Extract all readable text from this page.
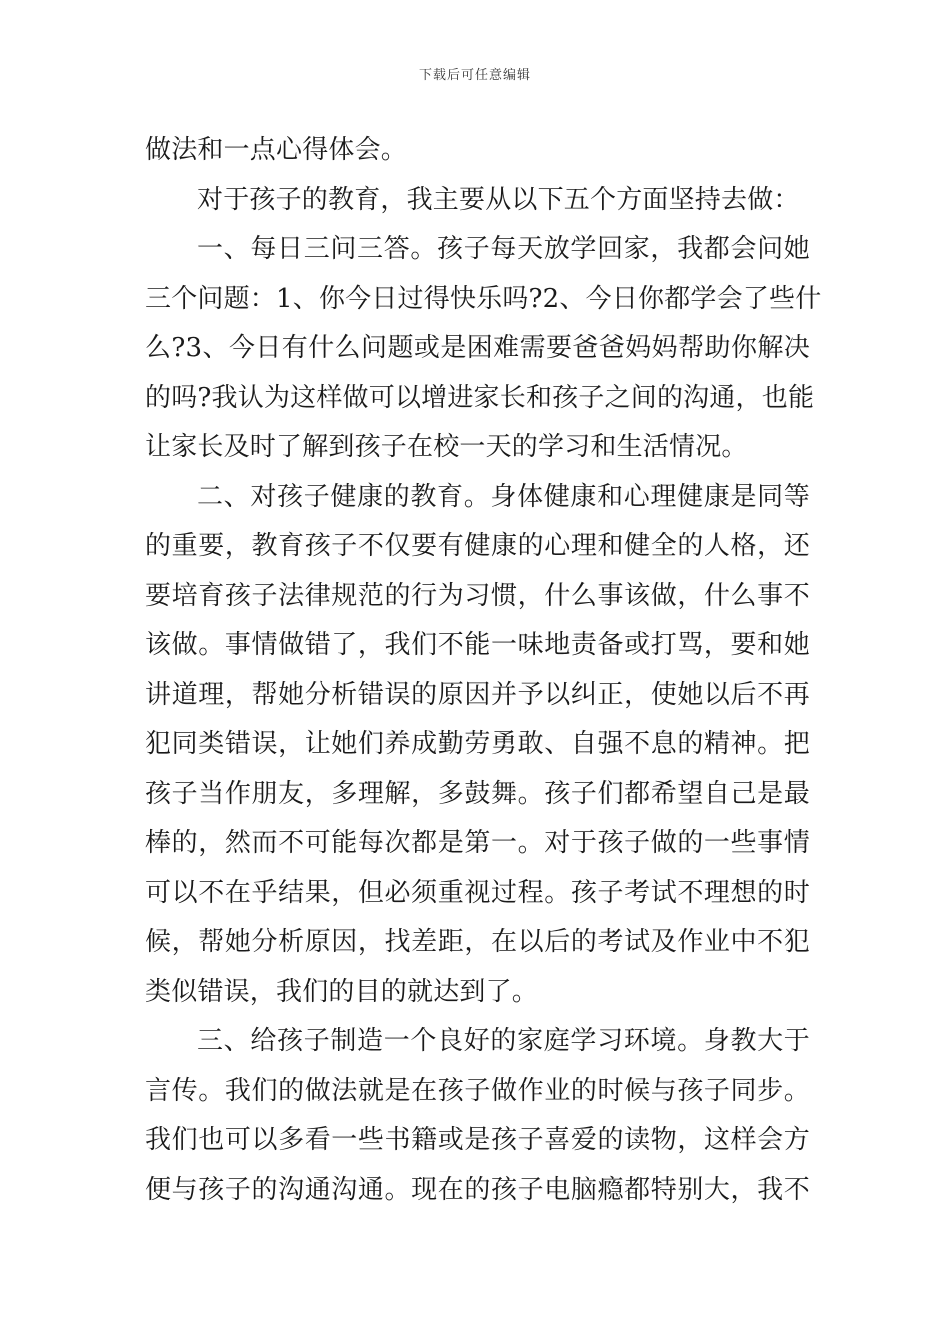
下载后可任意编辑
做法和一点心得体会。
对于孩子的教育，我主要从以下五个方面坚持去做：
一、每日三问三答。孩子每天放学回家，我都会问她
三个问题：1、你今日过得快乐吗?2、今日你都学会了些什
么?3、今日有什么问题或是困难需要爸爸妈妈帮助你解决
的吗?我认为这样做可以增进家长和孩子之间的沟通，也能
让家长及时了解到孩子在校一天的学习和生活情况。
二、对孩子健康的教育。身体健康和心理健康是同等
的重要，教育孩子不仅要有健康的心理和健全的人格，还
要培育孩子法律规范的行为习惯，什么事该做，什么事不
该做。事情做错了，我们不能一味地责备或打骂，要和她
讲道理，帮她分析错误的原因并予以纠正，使她以后不再
犯同类错误，让她们养成勤劳勇敢、自强不息的精神。把
孩子当作朋友，多理解，多鼓舞。孩子们都希望自己是最
棒的，然而不可能每次都是第一。对于孩子做的一些事情
可以不在乎结果，但必须重视过程。孩子考试不理想的时
候，帮她分析原因，找差距，在以后的考试及作业中不犯
类似错误，我们的目的就达到了。
三、给孩子制造一个良好的家庭学习环境。身教大于
言传。我们的做法就是在孩子做作业的时候与孩子同步。
我们也可以多看一些书籍或是孩子喜爱的读物，这样会方
便与孩子的沟通沟通。现在的孩子电脑瘾都特别大，我不
